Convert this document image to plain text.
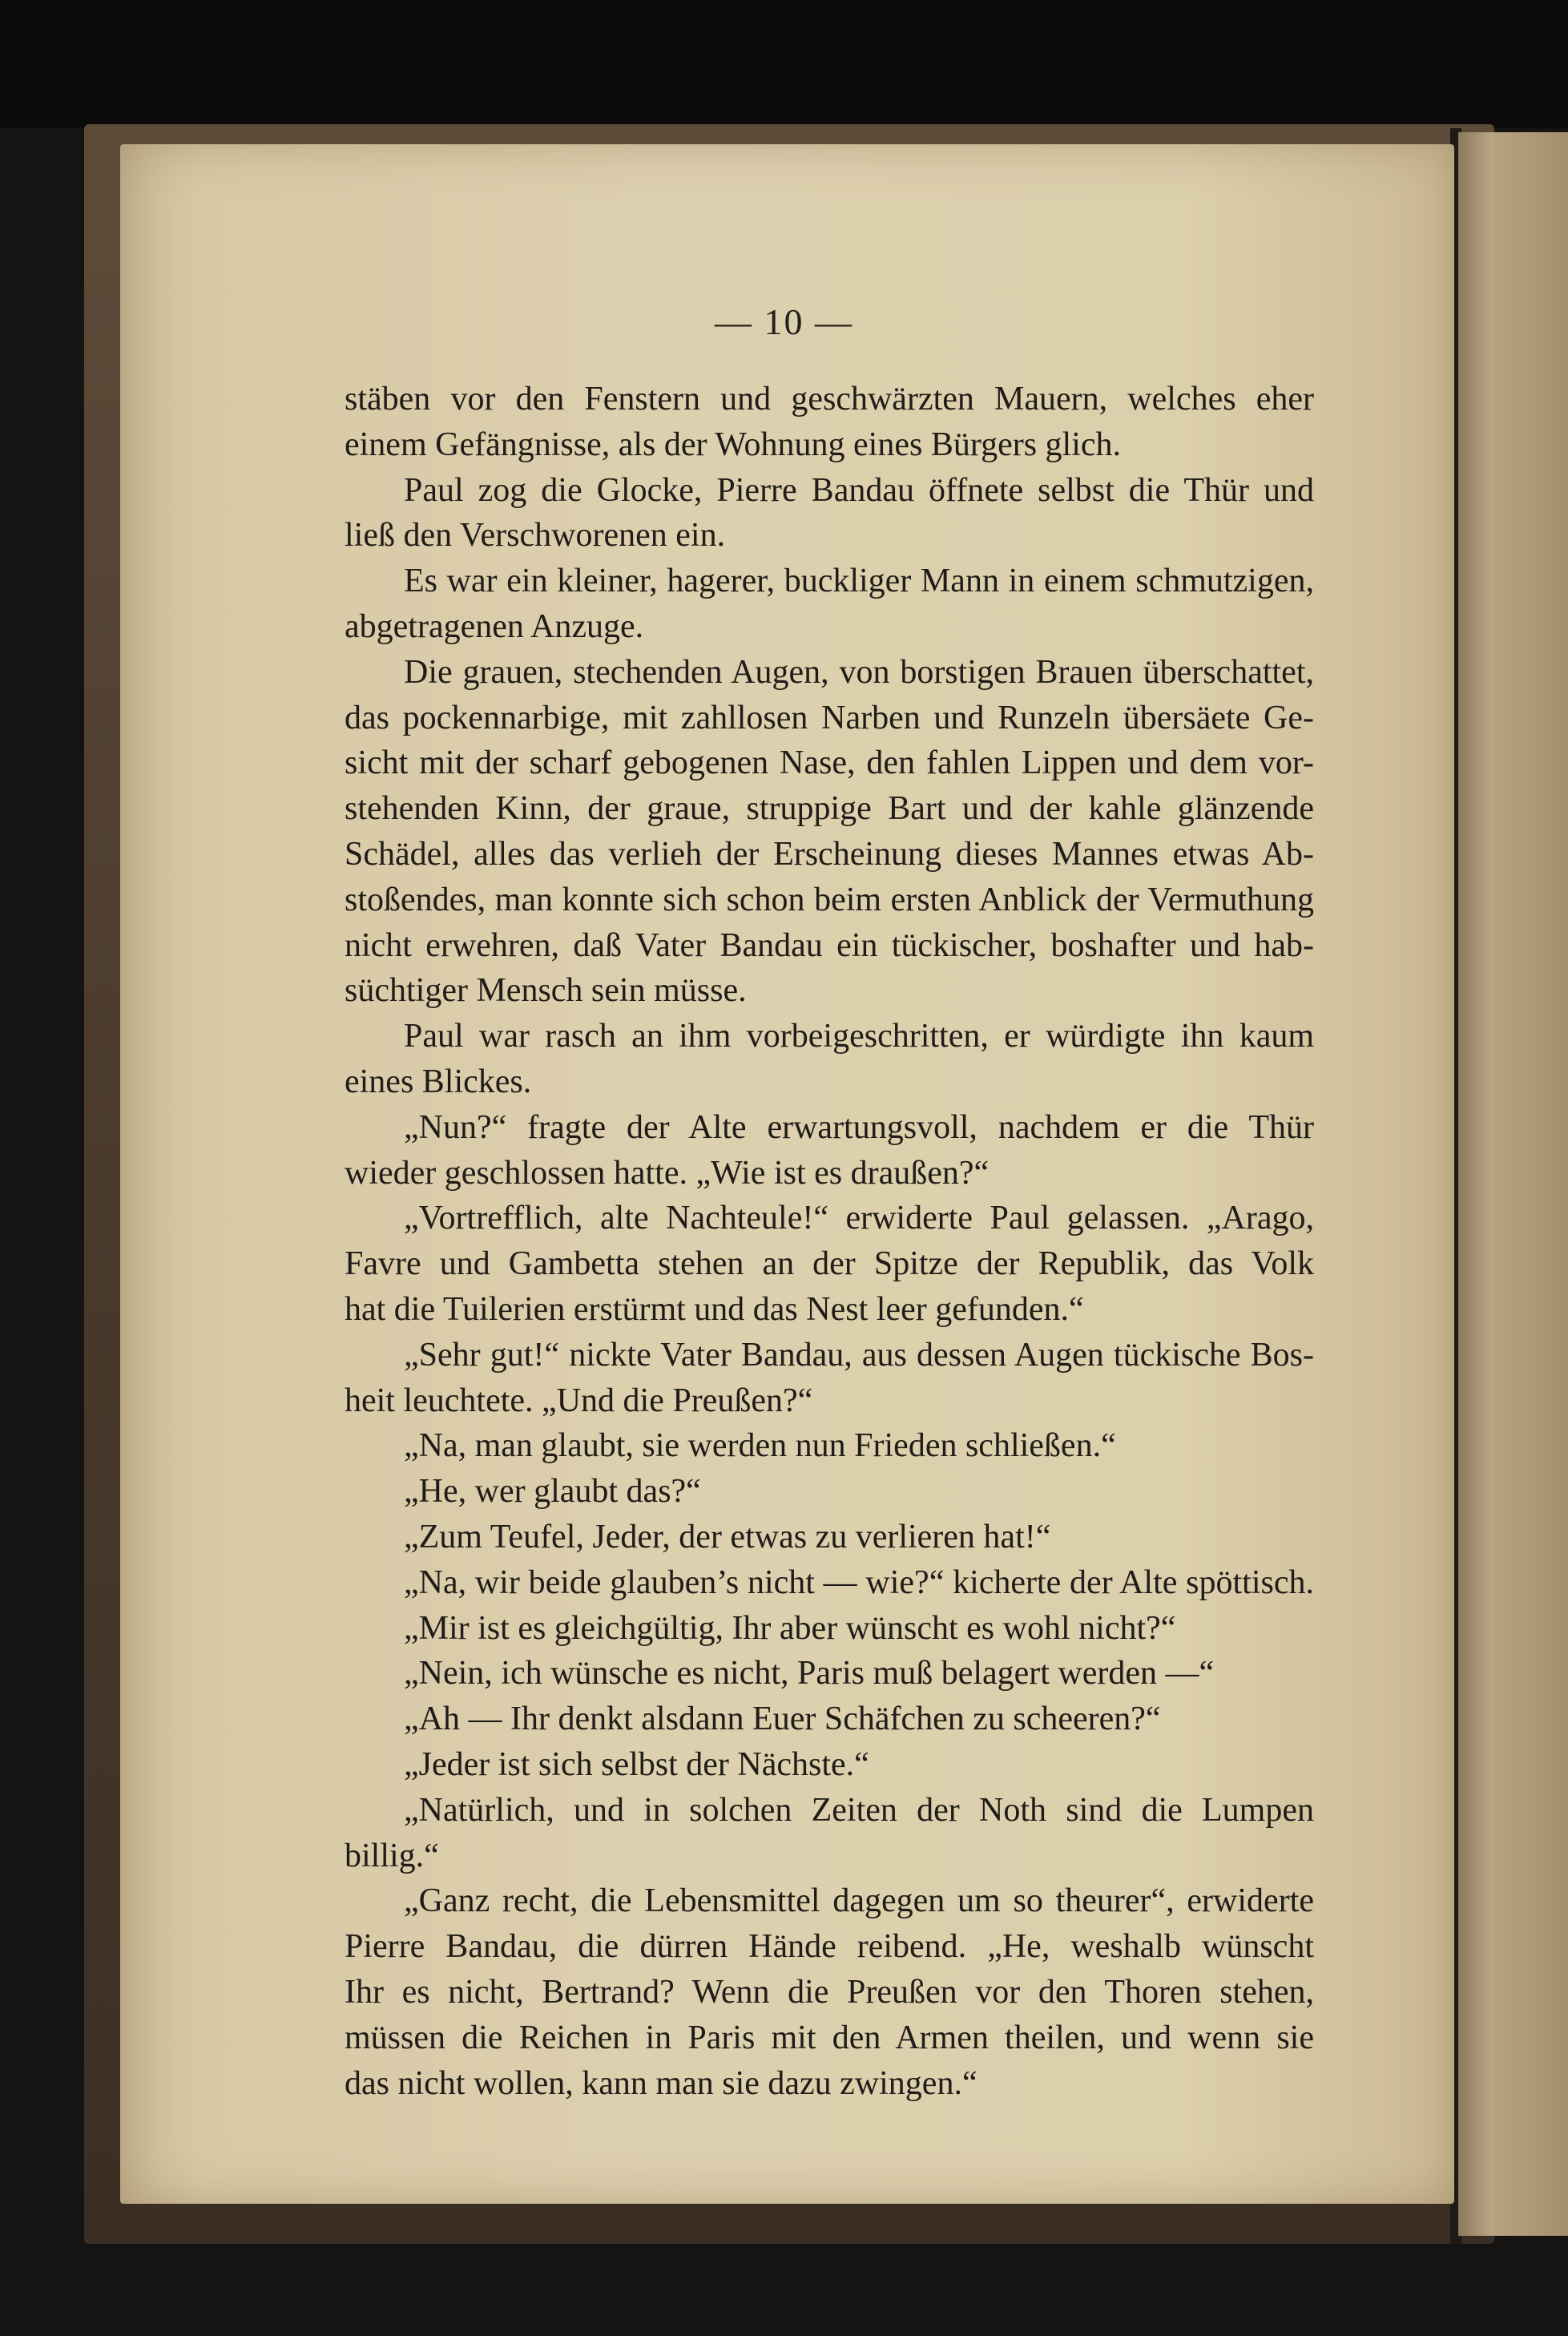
— 10 —
stäben vor den Fenstern und geschwärzten Mauern, welches eher
einem Gefängnisse, als der Wohnung eines Bürgers glich.
Paul zog die Glocke, Pierre Bandau öffnete selbst die Thür und
ließ den Verschworenen ein.
Es war ein kleiner, hagerer, buckliger Mann in einem schmutzigen,
abgetragenen Anzuge.
Die grauen, stechenden Augen, von borstigen Brauen überschattet,
das pockennarbige, mit zahllosen Narben und Runzeln übersäete Ge-
sicht mit der scharf gebogenen Nase, den fahlen Lippen und dem vor-
stehenden Kinn, der graue, struppige Bart und der kahle glänzende
Schädel, alles das verlieh der Erscheinung dieses Mannes etwas Ab-
stoßendes, man konnte sich schon beim ersten Anblick der Vermuthung
nicht erwehren, daß Vater Bandau ein tückischer, boshafter und hab-
süchtiger Mensch sein müsse.
Paul war rasch an ihm vorbeigeschritten, er würdigte ihn kaum
eines Blickes.
„Nun?“ fragte der Alte erwartungsvoll, nachdem er die Thür
wieder geschlossen hatte. „Wie ist es draußen?“
„Vortrefflich, alte Nachteule!“ erwiderte Paul gelassen. „Arago,
Favre und Gambetta stehen an der Spitze der Republik, das Volk
hat die Tuilerien erstürmt und das Nest leer gefunden.“
„Sehr gut!“ nickte Vater Bandau, aus dessen Augen tückische Bos-
heit leuchtete. „Und die Preußen?“
„Na, man glaubt, sie werden nun Frieden schließen.“
„He, wer glaubt das?“
„Zum Teufel, Jeder, der etwas zu verlieren hat!“
„Na, wir beide glauben’s nicht — wie?“ kicherte der Alte spöttisch.
„Mir ist es gleichgültig, Ihr aber wünscht es wohl nicht?“
„Nein, ich wünsche es nicht, Paris muß belagert werden —“
„Ah — Ihr denkt alsdann Euer Schäfchen zu scheeren?“
„Jeder ist sich selbst der Nächste.“
„Natürlich, und in solchen Zeiten der Noth sind die Lumpen
billig.“
„Ganz recht, die Lebensmittel dagegen um so theurer“, erwiderte
Pierre Bandau, die dürren Hände reibend. „He, weshalb wünscht
Ihr es nicht, Bertrand? Wenn die Preußen vor den Thoren stehen,
müssen die Reichen in Paris mit den Armen theilen, und wenn sie
das nicht wollen, kann man sie dazu zwingen.“
